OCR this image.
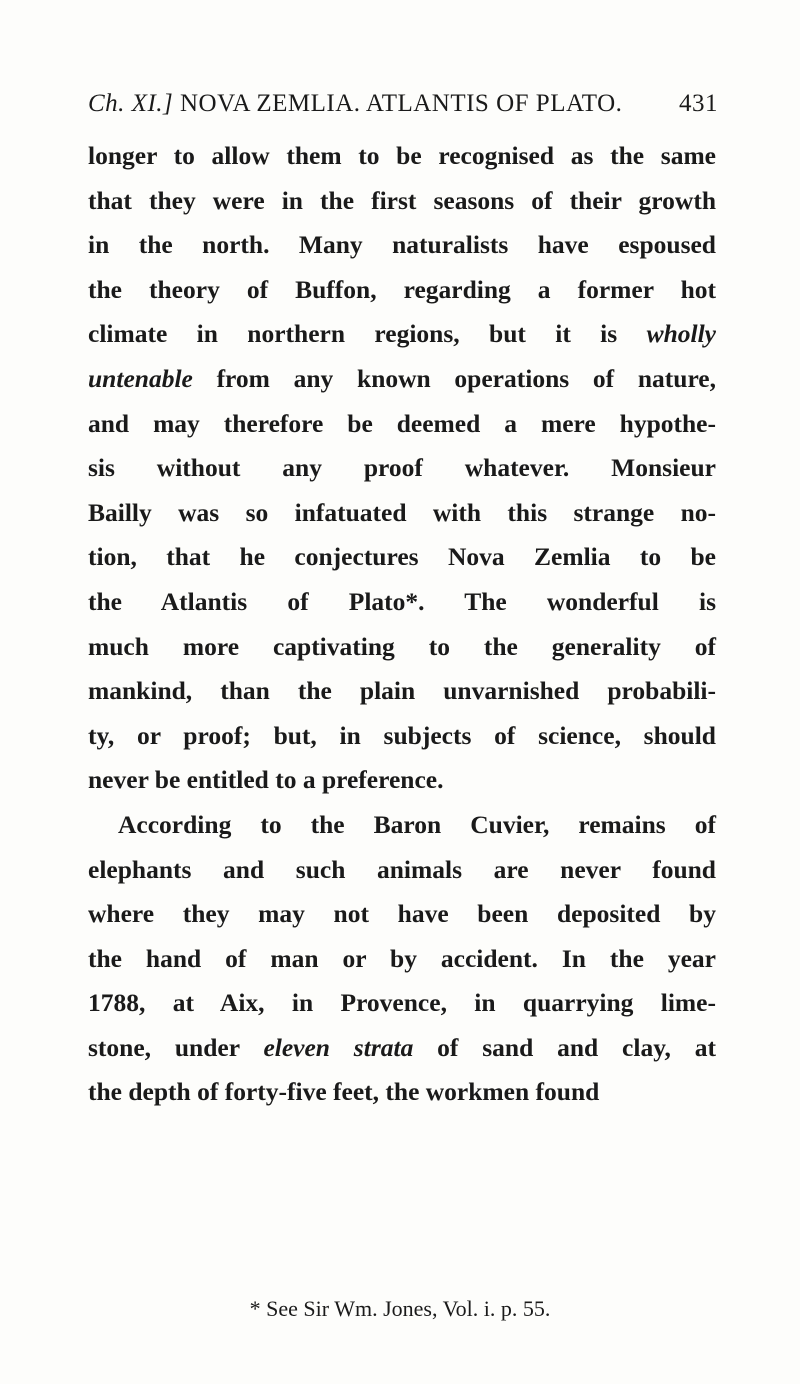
Ch. XI.] NOVA ZEMLIA. ATLANTIS OF PLATO. 431
longer to allow them to be recognised as the same
that they were in the first seasons of their growth
in the north. Many naturalists have espoused
the theory of Buffon, regarding a former hot
climate in northern regions, but it is wholly
untenable from any known operations of nature,
and may therefore be deemed a mere hypothe-
sis without any proof whatever. Monsieur
Bailly was so infatuated with this strange no-
tion, that he conjectures Nova Zemlia to be
the Atlantis of Plato*. The wonderful is
much more captivating to the generality of
mankind, than the plain unvarnished probabili-
ty, or proof; but, in subjects of science, should
never be entitled to a preference.
According to the Baron Cuvier, remains of
elephants and such animals are never found
where they may not have been deposited by
the hand of man or by accident. In the year
1788, at Aix, in Provence, in quarrying lime-
stone, under eleven strata of sand and clay, at
the depth of forty-five feet, the workmen found
* See Sir Wm. Jones, Vol. i. p. 55.
